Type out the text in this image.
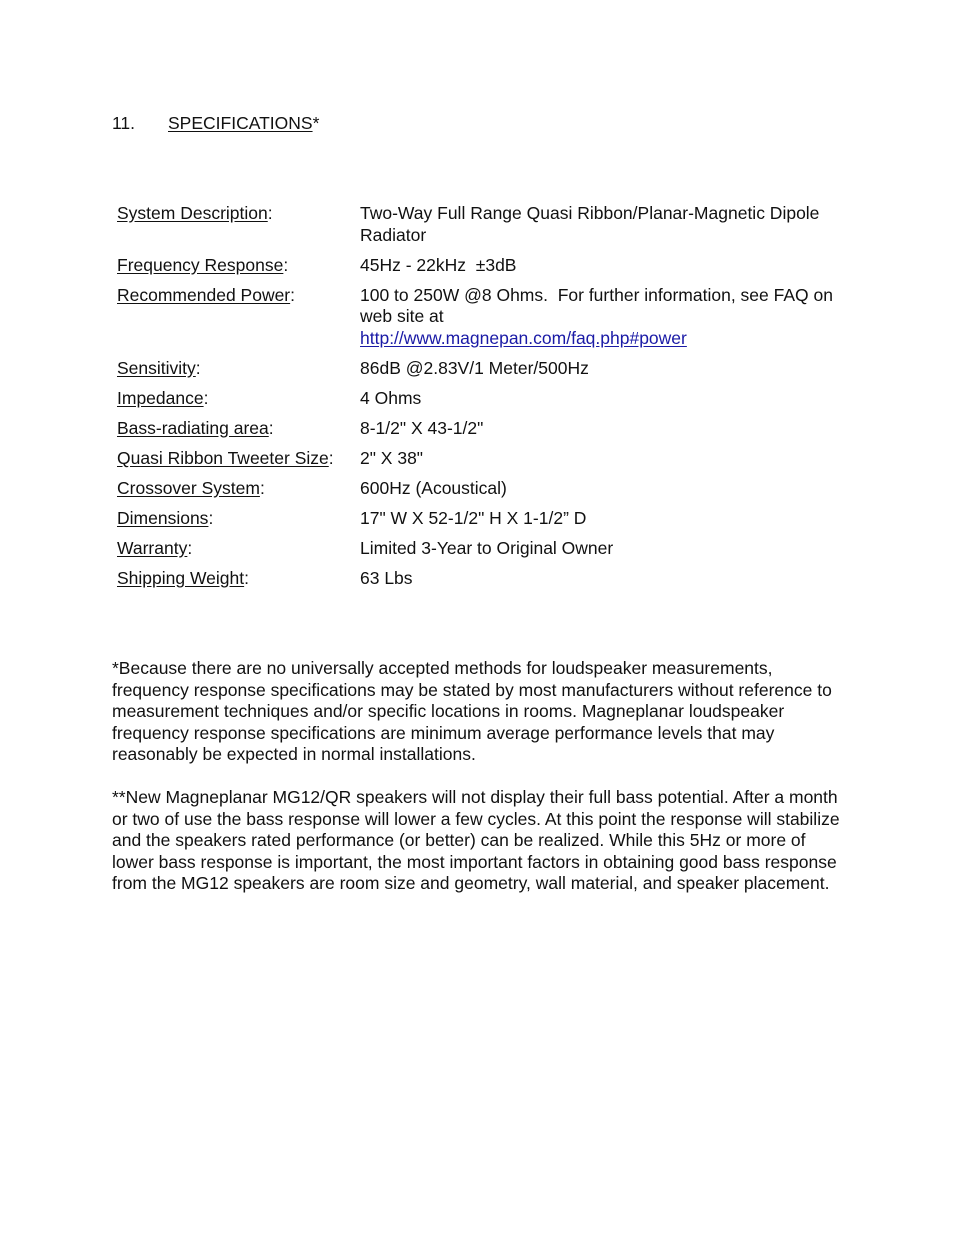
11. SPECIFICATIONS*
System Description:	Two-Way Full Range Quasi Ribbon/Planar-Magnetic Dipole Radiator
Frequency Response:	45Hz - 22kHz  ±3dB
Recommended Power:	100 to 250W @8 Ohms.  For further information, see FAQ on web site at
http://www.magnepan.com/faq.php#power
Sensitivity:	86dB @2.83V/1 Meter/500Hz
Impedance:	4 Ohms
Bass-radiating area:	8-1/2" X 43-1/2"
Quasi Ribbon Tweeter Size:	2" X 38"
Crossover System:	600Hz (Acoustical)
Dimensions:	17" W X 52-1/2" H X 1-1/2” D
Warranty:	Limited 3-Year to Original Owner
Shipping Weight:	63 Lbs

*Because there are no universally accepted methods for loudspeaker measurements, frequency response specifications may be stated by most manufacturers without reference to measurement techniques and/or specific locations in rooms. Magneplanar loudspeaker frequency response specifications are minimum average performance levels that may reasonably be expected in normal installations.

**New Magneplanar MG12/QR speakers will not display their full bass potential. After a month or two of use the bass response will lower a few cycles. At this point the response will stabilize and the speakers rated performance (or better) can be realized. While this 5Hz or more of lower bass response is important, the most important factors in obtaining good bass response from the MG12 speakers are room size and geometry, wall material, and speaker placement.
